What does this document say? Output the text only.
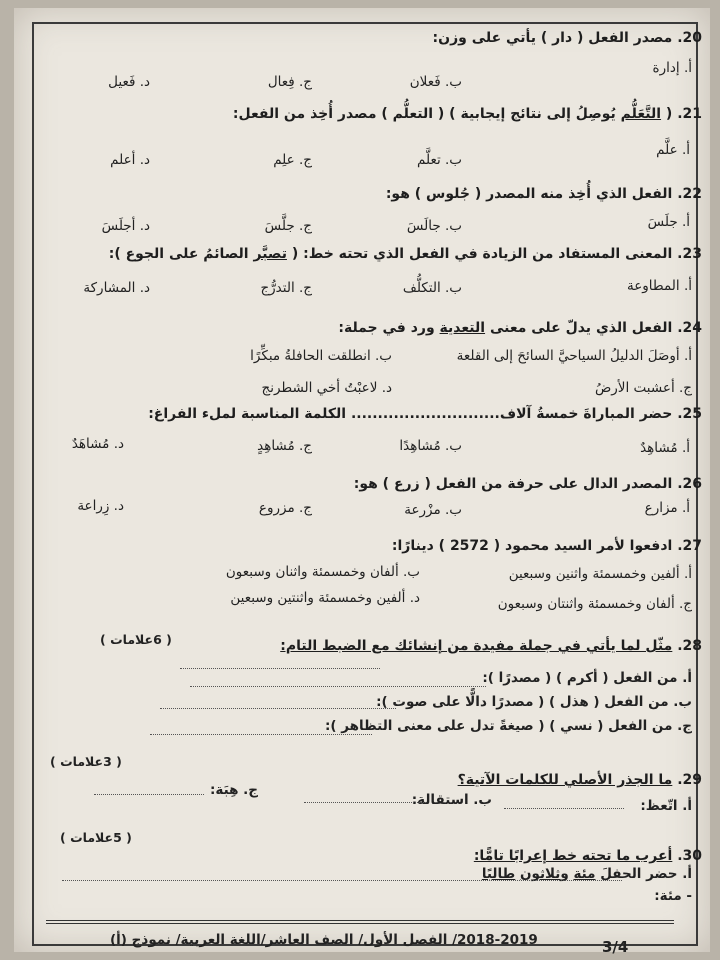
20. مصدر الفعل ( دار ) يأتي على وزن:
أ. إدارة
ب. فَعلان
ج. فِعال
د. فَعيل
21. ( التَّعَلُّم يُوصِلُ إلى نتائج إيجابية ) ( التعلُّم ) مصدر أُخِذ من الفعل:
أ. علَّم
ب. تعلَّم
ج. علِم
د. أعلم
22. الفعل الذي أُخِذ منه المصدر ( جُلوس ) هو:
أ. جلَسَ
ب. جالَسَ
ج. جلَّسَ
د. أجلَسَ
23. المعنى المستفاد من الزيادة في الفعل الذي تحته خط: ( تصبَّر الصائمُ على الجوع ):
أ. المطاوعة
ب. التكلُّف
ج. التدرُّج
د. المشاركة
24. الفعل الذي يدلّ على معنى التعدية ورد في جملة:
أ. أوصَلَ الدليلُ السياحيَّ السائحَ إلى القلعة
ب. انطلقت الحافلةُ مبكِّرًا
ج. أعشبت الأرضُ
د. لاعبْتُ أخي الشطرنج
25. حضر المباراةَ خمسةُ آلاف............................ الكلمة المناسبة لملء الفراغ:
أ. مُشاهِدٌ
ب. مُشاهِدًا
ج. مُشاهِدٍ
د. مُشاهَدٌ
26. المصدر الدال على حرفة من الفعل ( زرع ) هو:
أ. مزارع
ب. مزْرعة
ج. مزروع
د. زِراعة
27. ادفعوا لأمر السيد محمود ( 2572 ) دينارًا:
أ. ألفين وخمسمئة واثنين وسبعين
ب. ألفان وخمسمئة واثنان وسبعون
ج. ألفان وخمسمئة واثنتان وسبعون
د. ألفين وخمسمئة واثنتين وسبعين
28. مثّل لما يأتي في جملة مفيدة من إنشائك مع الضبط التام:
( 6علامات )
أ. من الفعل ( أكرم ) ( مصدرًا ):
ب. من الفعل ( هذل ) ( مصدرًا دالًّا على صوت ):
ج. من الفعل ( نسي ) ( صيغةً تدل على معنى التظاهر ):
29. ما الجذر الأصلي للكلمات الآتية؟
( 3علامات )
أ. اتّعظ:
ب. استقالة:
ج. هِبَة:
30. أعرب ما تحته خط إعرابًا تامًّا:
( 5علامات )
أ. حضر الحفلَ مئة وثلاثون طالبًا
- مئة:
2018-2019/ الفصل الأول/ الصف العاشر/اللغة العربية/ نموذج (أ)	3/4
